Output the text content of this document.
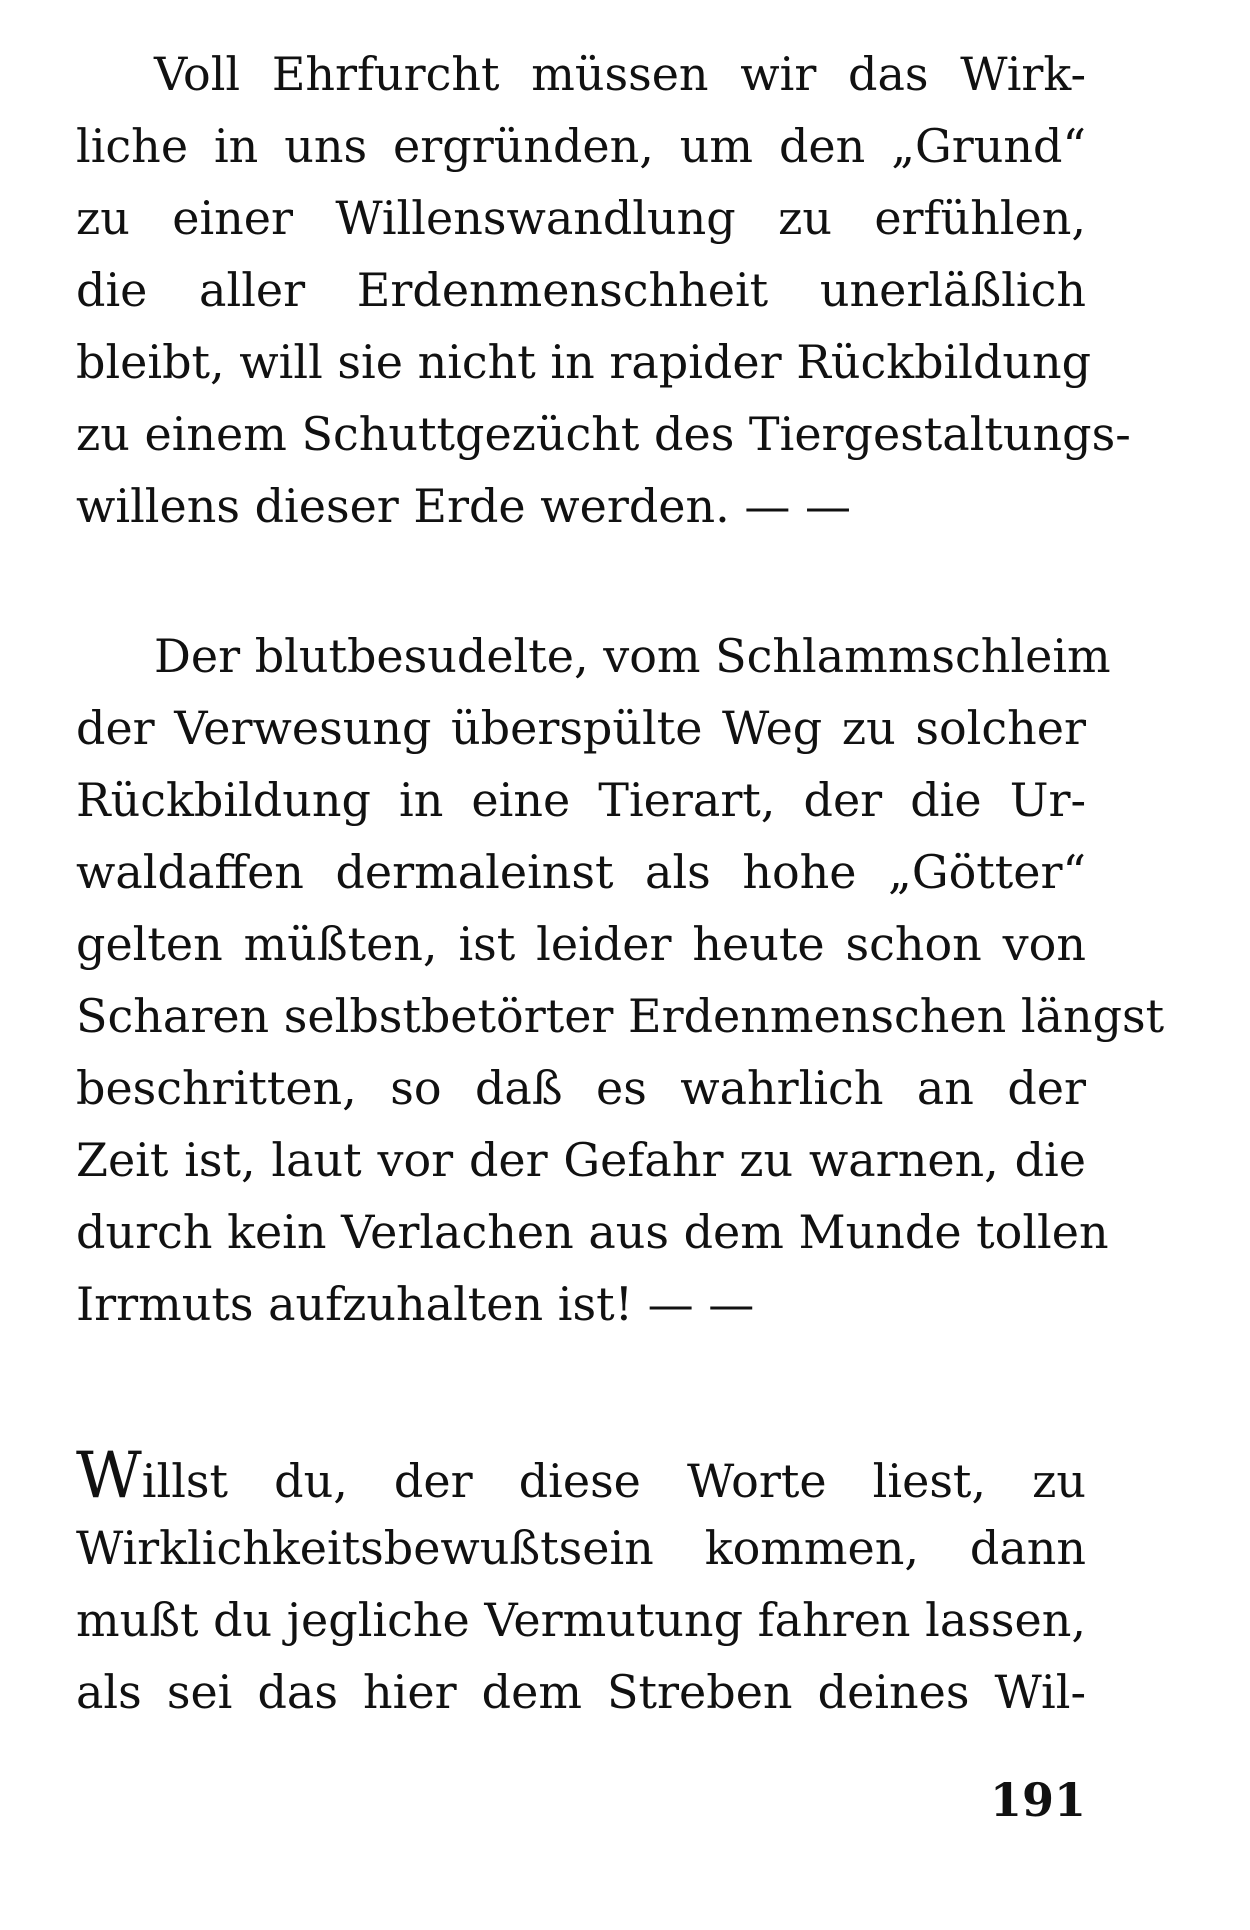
Voll Ehrfurcht müssen wir das Wirk-
liche in uns ergründen, um den „Grund“
zu einer Willenswandlung zu erfühlen,
die aller Erdenmenschheit unerläßlich
bleibt, will sie nicht in rapider Rückbildung
zu einem Schuttgezücht des Tiergestaltungs-
willens dieser Erde werden. — —
Der blutbesudelte, vom Schlammschleim
der Verwesung überspülte Weg zu solcher
Rückbildung in eine Tierart, der die Ur-
waldaffen dermaleinst als hohe „Götter“
gelten müßten, ist leider heute schon von
Scharen selbstbetörter Erdenmenschen längst
beschritten, so daß es wahrlich an der
Zeit ist, laut vor der Gefahr zu warnen, die
durch kein Verlachen aus dem Munde tollen
Irrmuts aufzuhalten ist! — —
Willst du, der diese Worte liest, zu
Wirklichkeitsbewußtsein kommen, dann
mußt du jegliche Vermutung fahren lassen,
als sei das hier dem Streben deines Wil-
191
